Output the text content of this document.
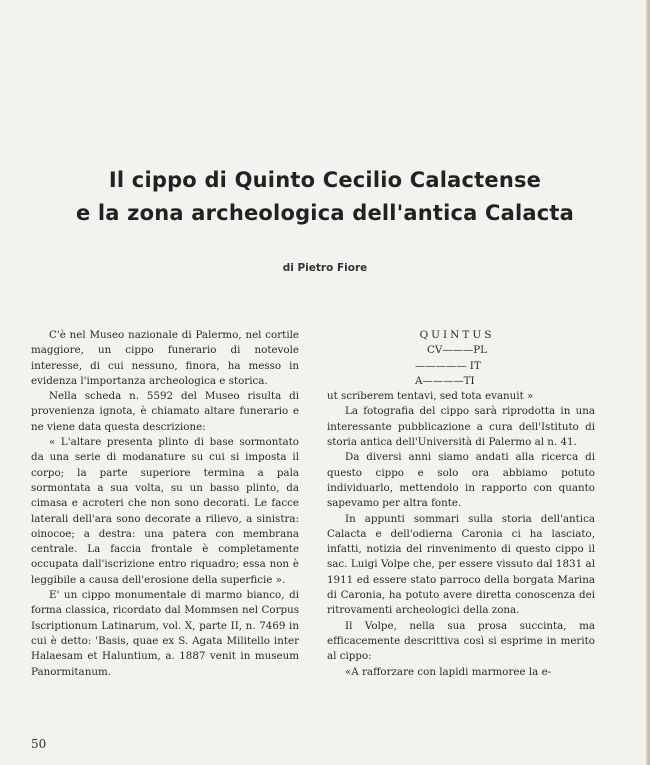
Il cippo di Quinto Cecilio Calactense
e la zona archeologica dell'antica Calacta
di Pietro Fiore

C'è nel Museo nazionale di Palermo, nel cortile maggiore, un cippo funerario di notevole interesse, di cui nessuno, finora, ha messo in evidenza l'importanza archeologica e storica.

Nella scheda n. 5592 del Museo risulta di provenienza ignota, è chiamato altare funerario e ne viene data questa descrizione:

« L'altare presenta plinto di base sormontato da una serie di modanature su cui si imposta il corpo; la parte superiore termina a pala sormontata a sua volta, su un basso plinto, da cimasa e acroteri che non sono decorati. Le facce laterali dell'ara sono decorate a rilievo, a sinistra: oinocoe; a destra: una patera con membrana centrale. La faccia frontale è completamente occupata dall'iscrizione entro riquadro; essa non è leggibile a causa dell'erosione della superficie ».

E' un cippo monumentale di marmo bianco, di forma classica, ricordato dal Mommsen nel Corpus Iscriptionum Latinarum, vol. X, parte II, n. 7469 in cui è detto: 'Basis, quae ex S. Agata Militello inter Halaesam et Haluntium, a. 1887 venit in museum Panormitanum.

QUINTUS

CV———PL

————— IT

A————TI

ut scriberem tentavi, sed tota evanuit »

La fotografia del cippo sarà riprodotta in una interessante pubblicazione a cura dell'Istituto di storia antica dell'Università di Palermo al n. 41.

Da diversi anni siamo andati alla ricerca di questo cippo e solo ora abbiamo potuto individuarlo, mettendolo in rapporto con quanto sapevamo per altra fonte.

In appunti sommari sulla storia dell'antica Calacta e dell'odierna Caronia ci ha lasciato, infatti, notizia del rinvenimento di questo cippo il sac. Luigi Volpe che, per essere vissuto dal 1831 al 1911 ed essere stato parroco della borgata Marina di Caronia, ha potuto avere diretta conoscenza dei ritrovamenti archeologici della zona.

Il Volpe, nella sua prosa succinta, ma efficacemente descrittiva così si esprime in merito al cippo:

«A rafforzare con lapidi marmoree la e-

50
